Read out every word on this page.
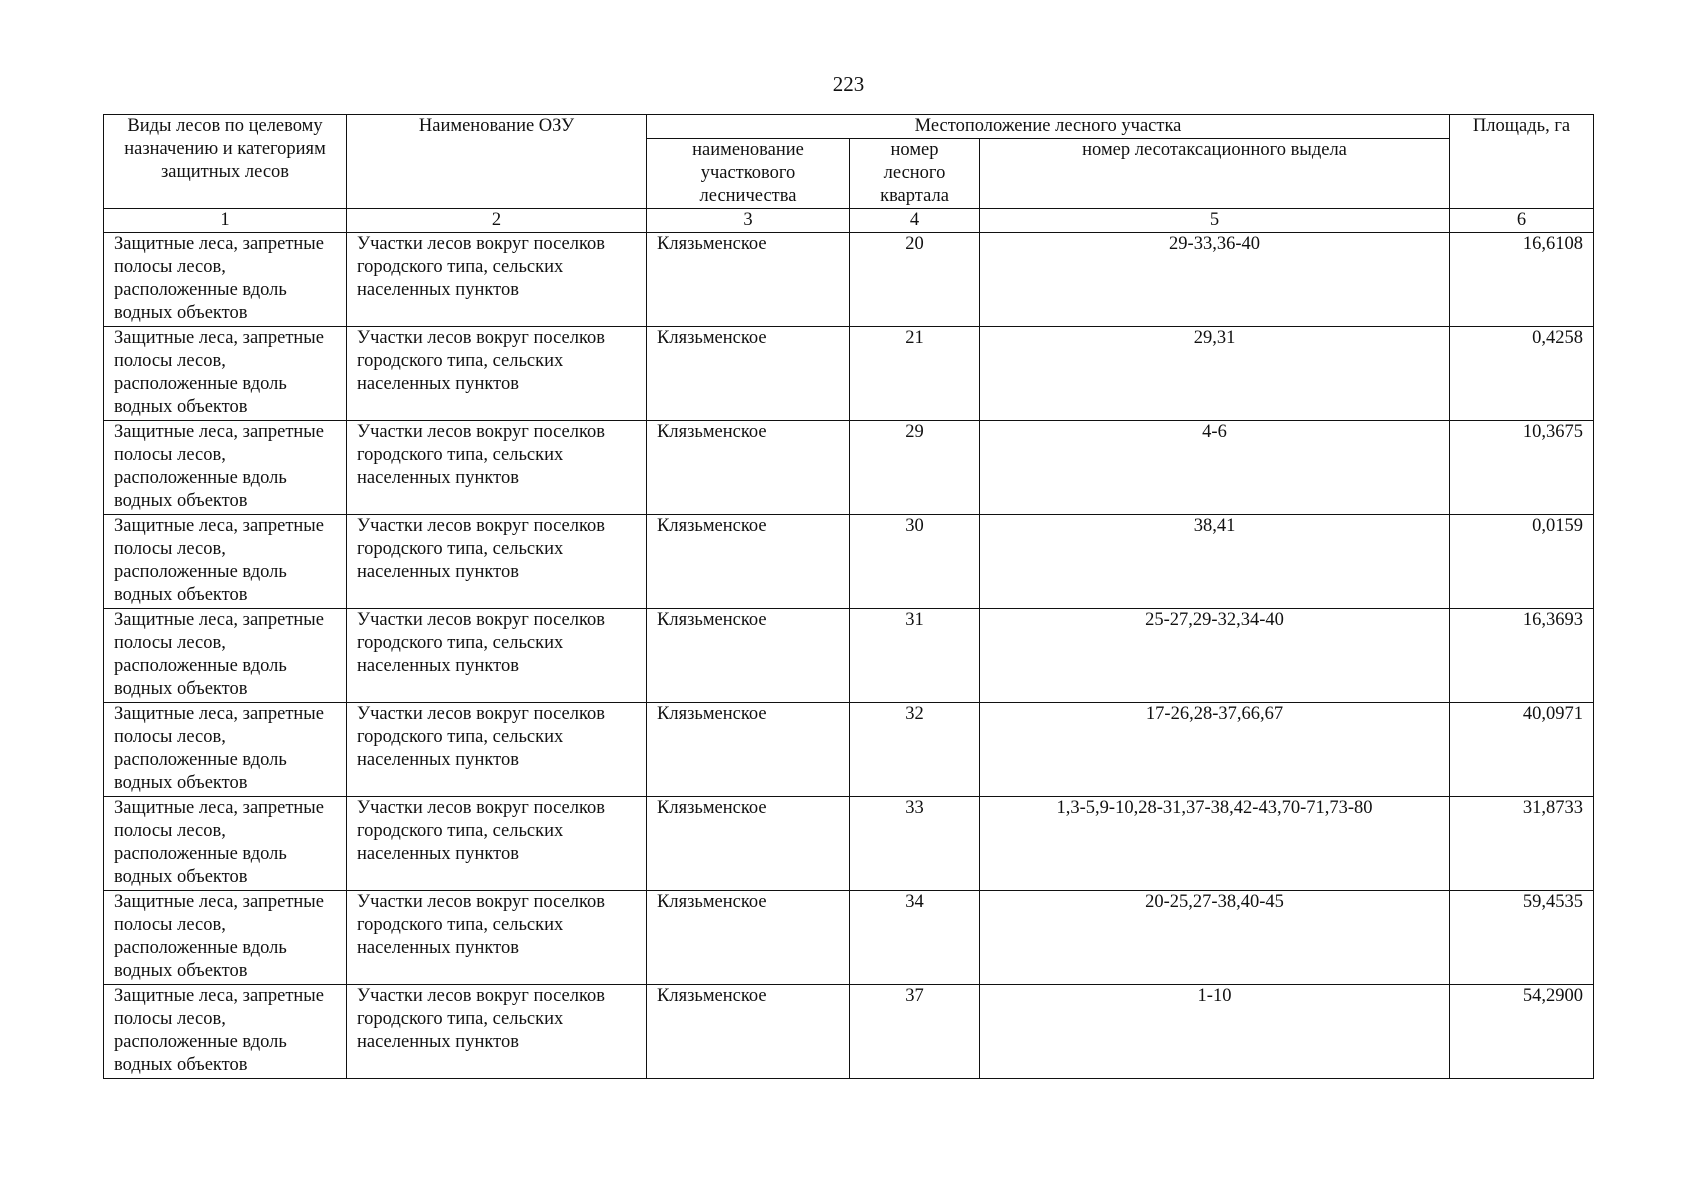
223
Виды лесов по целевому назначению и категориям защитных лесов	Наименование ОЗУ	Местоположение лесного участка			Площадь, га
		наименование участкового лесничества	номер лесного квартала	номер лесотаксационного выдела	
1	2	3	4	5	6
Защитные леса, запретные полосы лесов, расположенные вдоль водных объектов	Участки лесов вокруг поселков городского типа, сельских населенных пунктов	Клязьменское	20	29-33,36-40	16,6108
Защитные леса, запретные полосы лесов, расположенные вдоль водных объектов	Участки лесов вокруг поселков городского типа, сельских населенных пунктов	Клязьменское	21	29,31	0,4258
Защитные леса, запретные полосы лесов, расположенные вдоль водных объектов	Участки лесов вокруг поселков городского типа, сельских населенных пунктов	Клязьменское	29	4-6	10,3675
Защитные леса, запретные полосы лесов, расположенные вдоль водных объектов	Участки лесов вокруг поселков городского типа, сельских населенных пунктов	Клязьменское	30	38,41	0,0159
Защитные леса, запретные полосы лесов, расположенные вдоль водных объектов	Участки лесов вокруг поселков городского типа, сельских населенных пунктов	Клязьменское	31	25-27,29-32,34-40	16,3693
Защитные леса, запретные полосы лесов, расположенные вдоль водных объектов	Участки лесов вокруг поселков городского типа, сельских населенных пунктов	Клязьменское	32	17-26,28-37,66,67	40,0971
Защитные леса, запретные полосы лесов, расположенные вдоль водных объектов	Участки лесов вокруг поселков городского типа, сельских населенных пунктов	Клязьменское	33	1,3-5,9-10,28-31,37-38,42-43,70-71,73-80	31,8733
Защитные леса, запретные полосы лесов, расположенные вдоль водных объектов	Участки лесов вокруг поселков городского типа, сельских населенных пунктов	Клязьменское	34	20-25,27-38,40-45	59,4535
Защитные леса, запретные полосы лесов, расположенные вдоль водных объектов	Участки лесов вокруг поселков городского типа, сельских населенных пунктов	Клязьменское	37	1-10	54,2900
